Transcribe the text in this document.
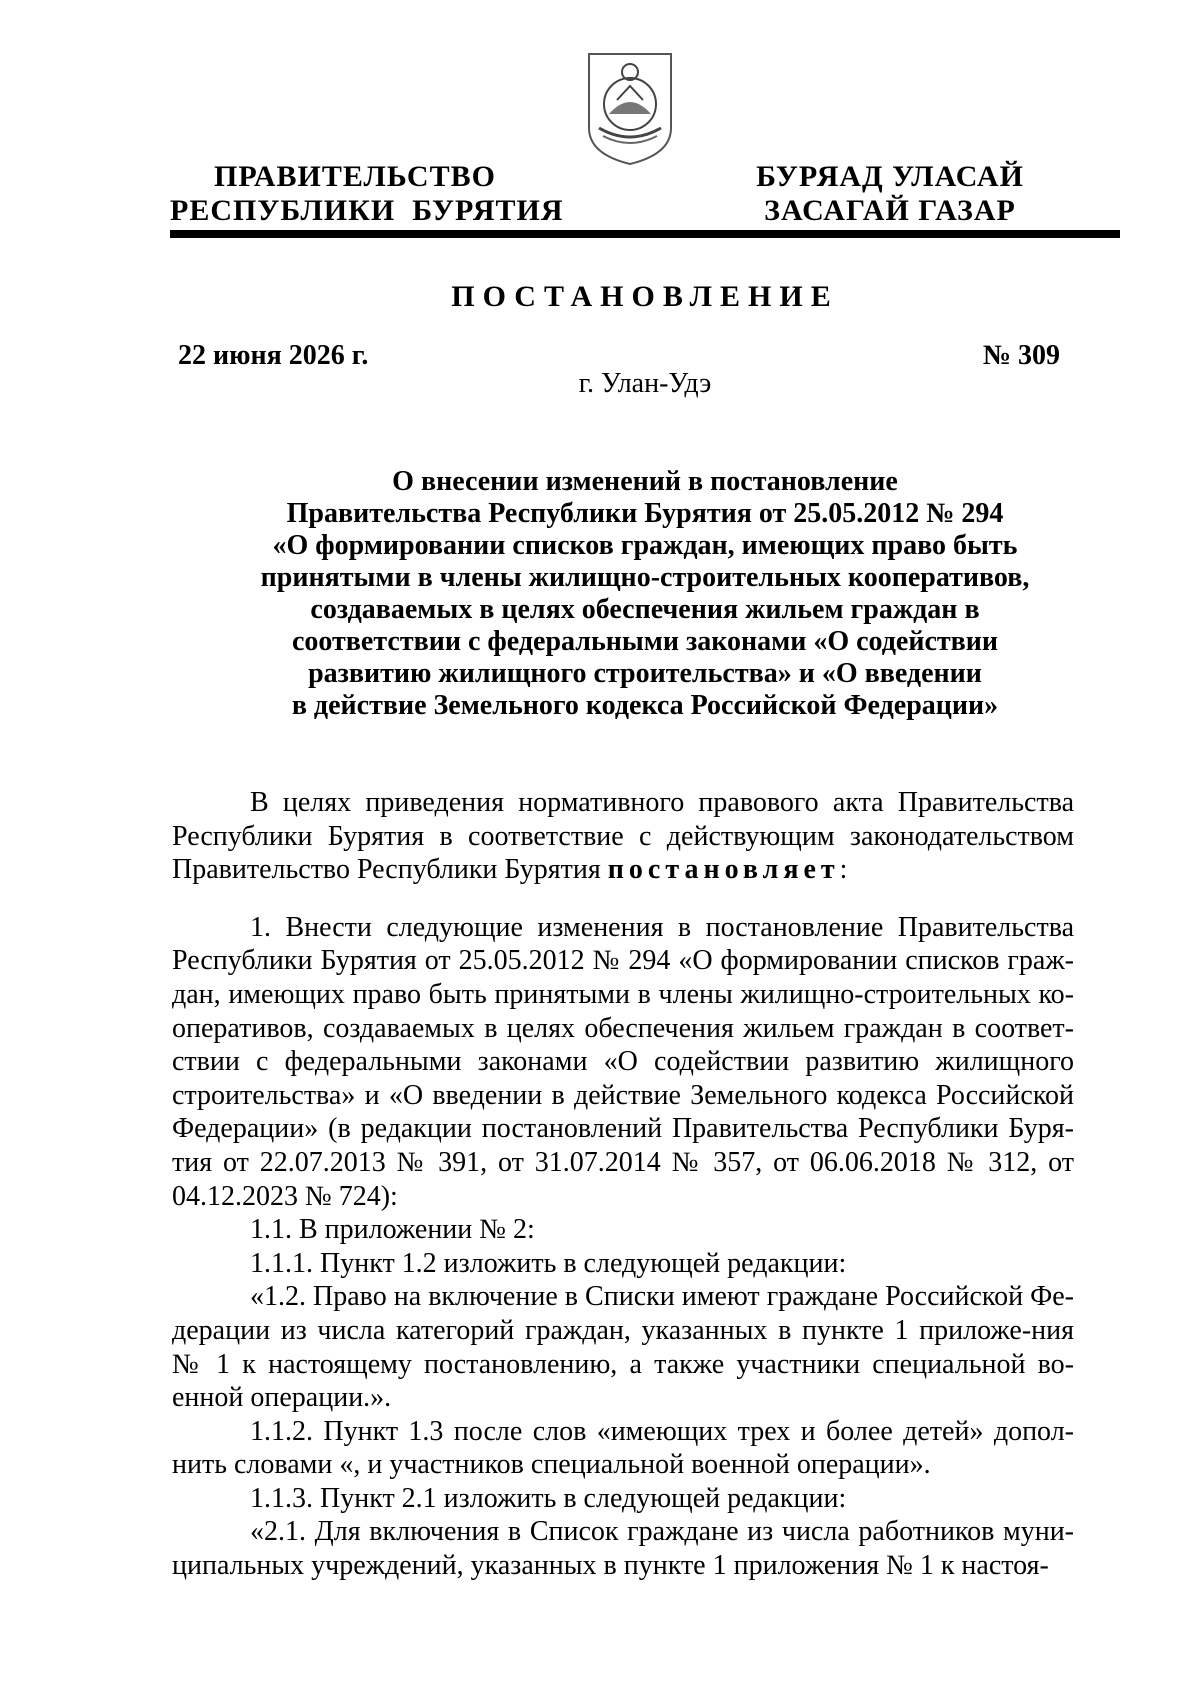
ПРАВИТЕЛЬСТВО
РЕСПУБЛИКИ  БУРЯТИЯ
БУРЯАД УЛАСАЙ
ЗАСАГАЙ ГАЗАР
ПОСТАНОВЛЕНИЕ
22 июня 2026 г.	№ 309
г. Улан-Удэ
О внесении изменений в постановление
Правительства Республики Бурятия от 25.05.2012 № 294
«О формировании списков граждан, имеющих право быть
принятыми в члены жилищно-строительных кооперативов,
создаваемых в целях обеспечения жильем граждан в
соответствии с федеральными законами «О содействии
развитию жилищного строительства» и «О введении
в действие Земельного кодекса Российской Федерации»

В целях приведения нормативного правового акта Правительства Республики Бурятия в соответствие с действующим законодательством Правительство Республики Бурятия постановляет:

1. Внести следующие изменения в постановление Правительства Республики Бурятия от 25.05.2012 № 294 «О формировании списков граж-дан, имеющих право быть принятыми в члены жилищно-строительных ко-оперативов, создаваемых в целях обеспечения жильем граждан в соответ-ствии с федеральными законами «О содействии развитию жилищного строительства» и «О введении в действие Земельного кодекса Российской Федерации» (в редакции постановлений Правительства Республики Буря-тия от 22.07.2013 № 391, от 31.07.2014 № 357, от 06.06.2018 № 312, от 04.12.2023 № 724):

1.1. В приложении № 2:

1.1.1. Пункт 1.2 изложить в следующей редакции:

«1.2. Право на включение в Списки имеют граждане Российской Фе-дерации из числа категорий граждан, указанных в пункте 1 приложе-ния № 1 к настоящему постановлению, а также участники специальной во-енной операции.».

1.1.2. Пункт 1.3 после слов «имеющих трех и более детей» допол-нить словами «, и участников специальной военной операции».

1.1.3. Пункт 2.1 изложить в следующей редакции:

«2.1. Для включения в Список граждане из числа работников муни-ципальных учреждений, указанных в пункте 1 приложения № 1 к настоя-
